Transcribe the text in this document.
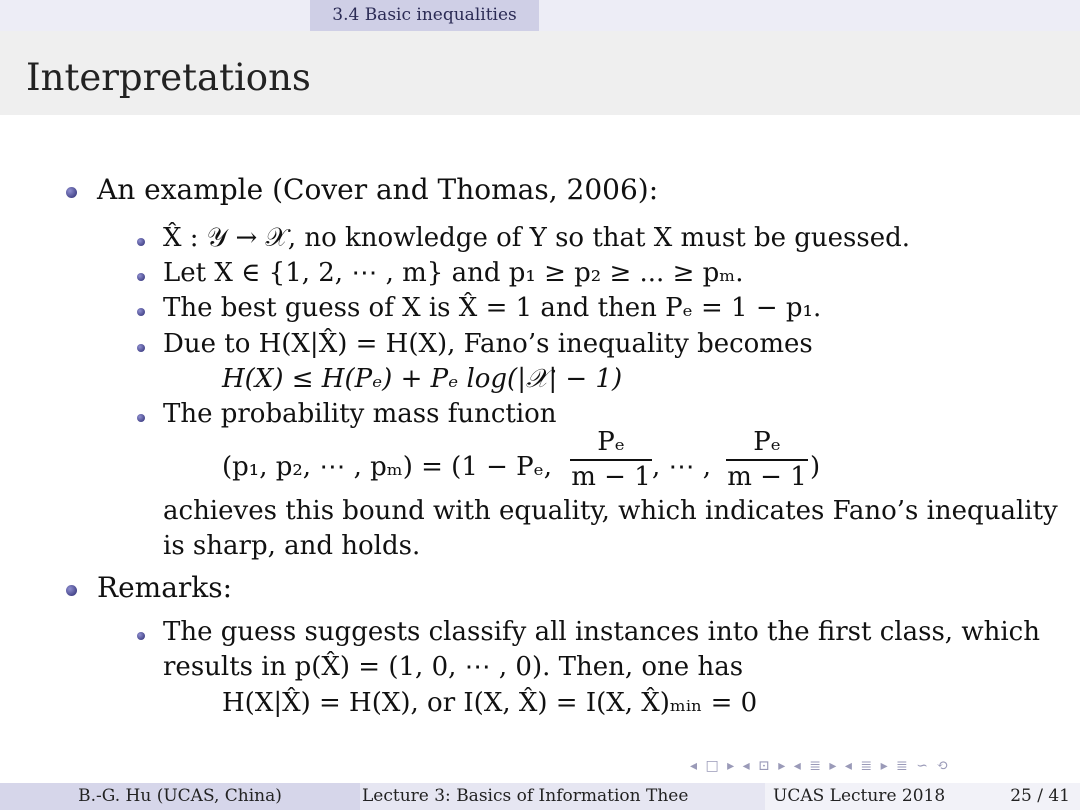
3.4 Basic inequalities
Interpretations
An example (Cover and Thomas, 2006):
X̂ : 𝒴 → 𝒳, no knowledge of Y so that X must be guessed.
Let X ∈ {1, 2, ⋯ , m} and p₁ ≥ p₂ ≥ ... ≥ pₘ.
The best guess of X is X̂ = 1 and then Pₑ = 1 − p₁.
Due to H(X|X̂) = H(X), Fano’s inequality becomes
H(X) ≤ H(Pₑ) + Pₑ log(|𝒳| − 1)
The probability mass function
(p₁, p₂, ⋯ , pₘ) = (1 − Pₑ,
Pₑ
m − 1 , ⋯ ,
Pₑ
m − 1 )
achieves this bound with equality, which indicates Fano’s inequality
is sharp, and holds.
Remarks:
The guess suggests classify all instances into the first class, which
results in p(X̂) = (1, 0, ⋯ , 0). Then, one has
H(X|X̂) = H(X), or I(X, X̂) = I(X, X̂)ₘᵢₙ = 0
◂ □ ▸ ◂ ⊡ ▸ ◂ ≣ ▸ ◂ ≣ ▸ ≣ ∽ ⟲
B.-G. Hu (UCAS, China)	Lecture 3: Basics of Information Thee	UCAS Lecture 2018	25 / 41
